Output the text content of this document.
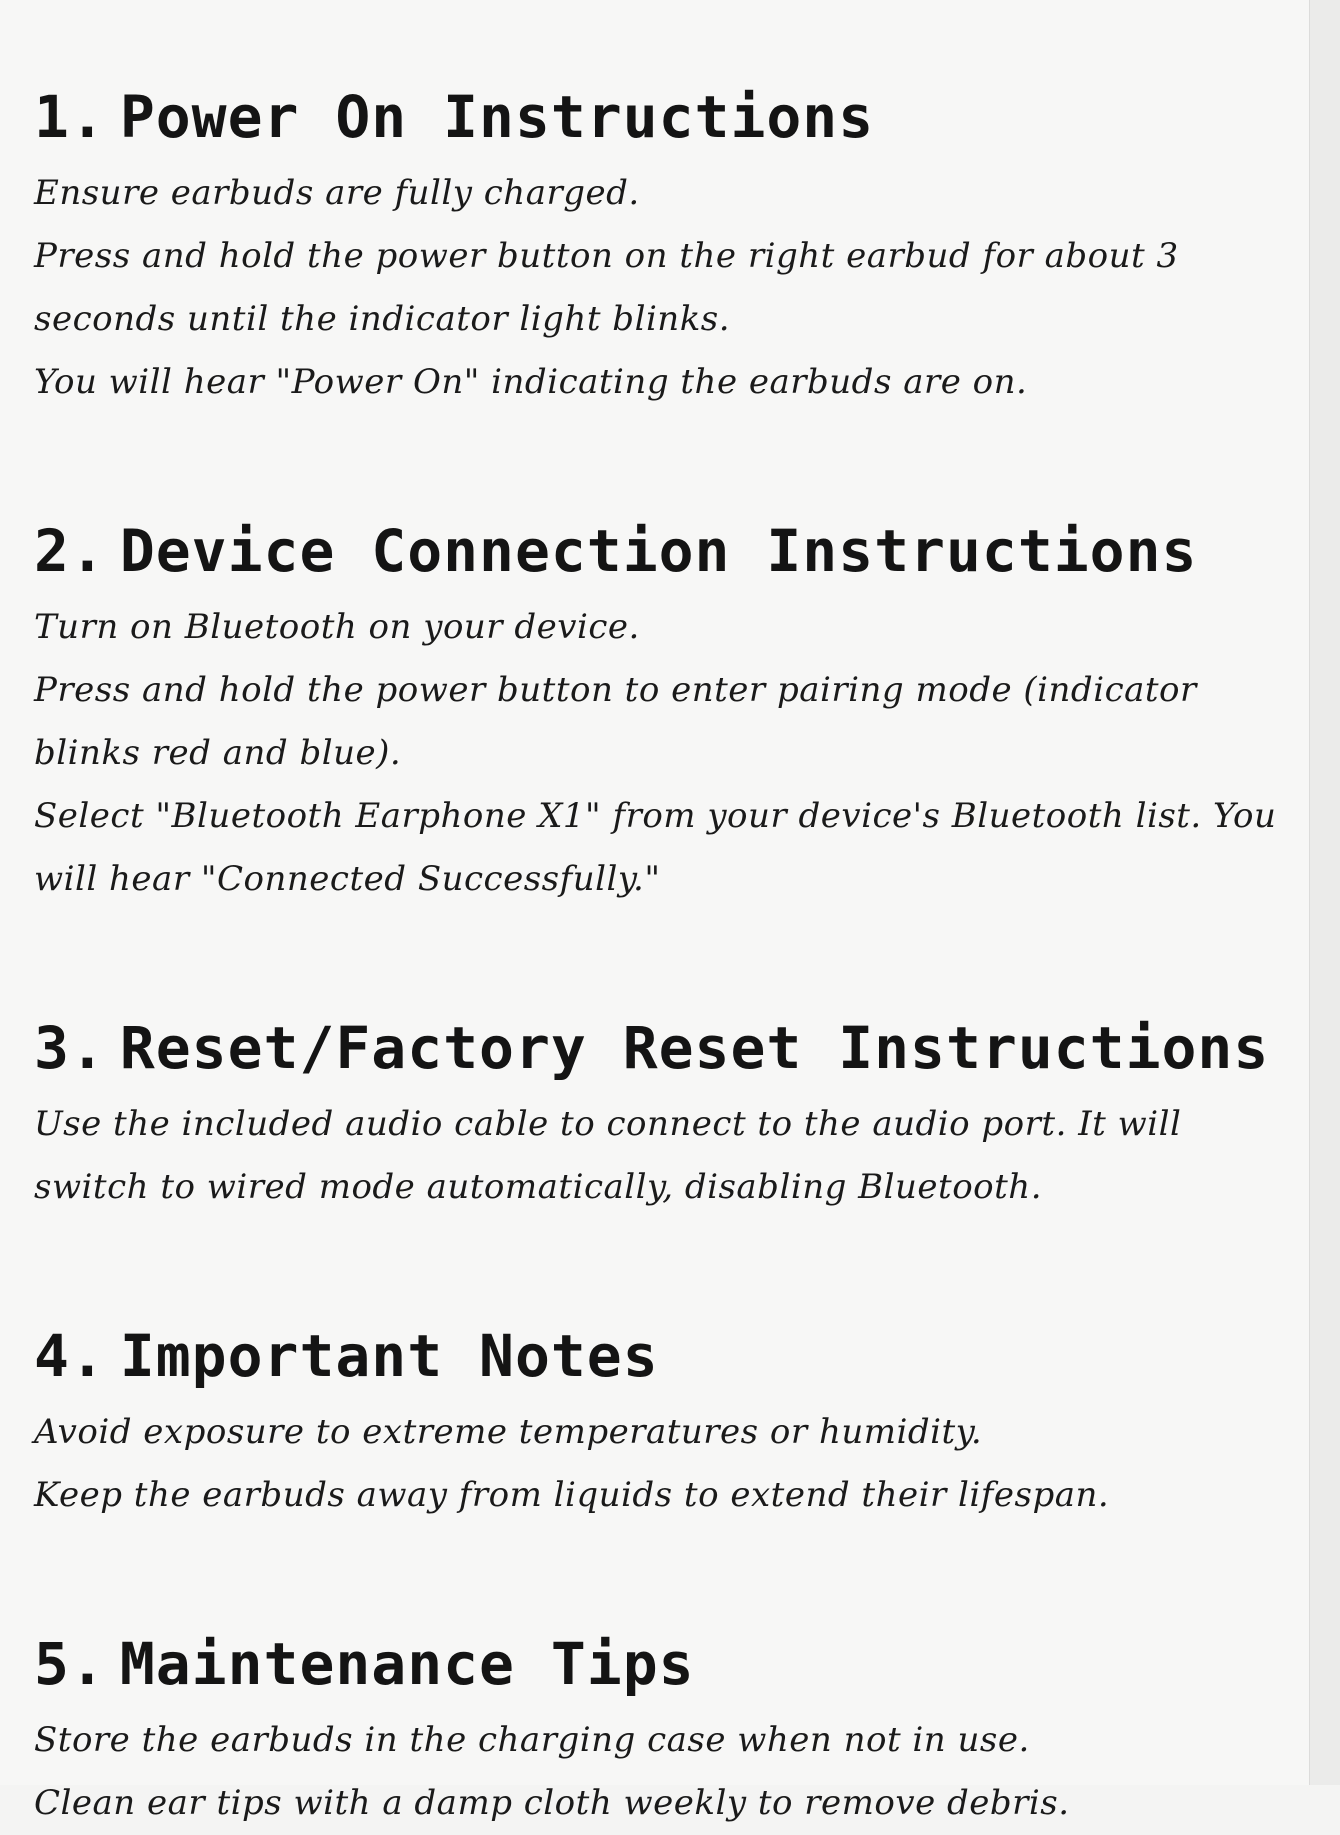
1. Power On Instructions

Ensure earbuds are fully charged.

Press and hold the power button on the right earbud for about 3 seconds until the indicator light blinks.

You will hear "Power On" indicating the earbuds are on.

2. Device Connection Instructions

Turn on Bluetooth on your device.

Press and hold the power button to enter pairing mode (indicator blinks red and blue).

Select "Bluetooth Earphone X1" from your device's Bluetooth list. You will hear "Connected Successfully."

3. Reset/Factory Reset Instructions

Use the included audio cable to connect to the audio port. It will switch to wired mode automatically, disabling Bluetooth.

4. Important Notes

Avoid exposure to extreme temperatures or humidity.

Keep the earbuds away from liquids to extend their lifespan.

5. Maintenance Tips

Store the earbuds in the charging case when not in use.

Clean ear tips with a damp cloth weekly to remove debris.
